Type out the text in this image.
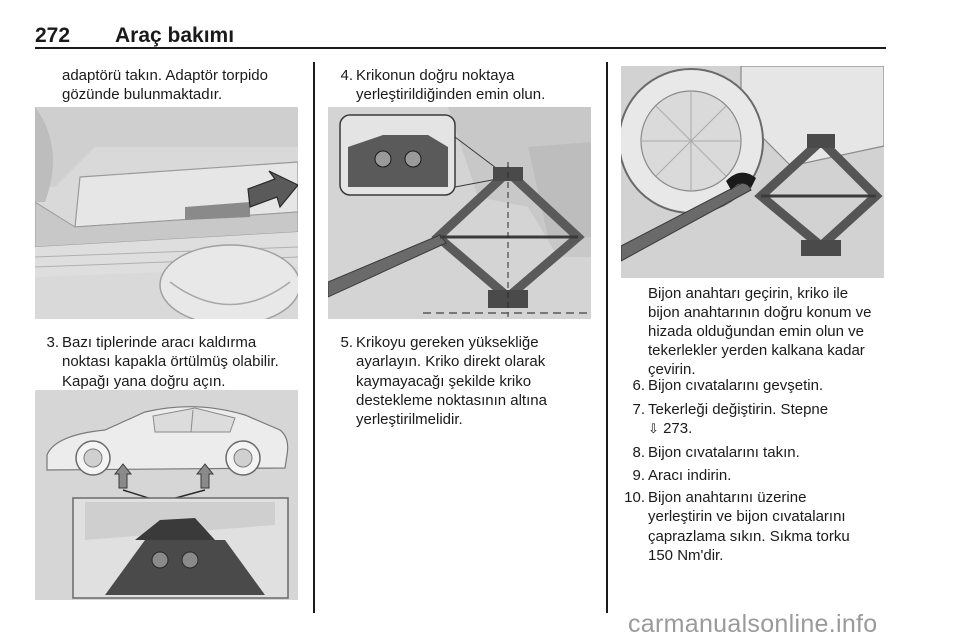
272 Araç bakımı
adaptörü takın. Adaptör torpido
gözünde bulunmaktadır.
3. Bazı tiplerinde aracı kaldırma
noktası kapakla örtülmüş olabilir.
Kapağı yana doğru açın.
4. Krikonun doğru noktaya
yerleştirildiğinden emin olun.
5. Krikoyu gereken yüksekliğe
ayarlayın. Kriko direkt olarak
kaymayacağı şekilde kriko
destekleme noktasının altına
yerleştirilmelidir.
Bijon anahtarı geçirin, kriko ile
bijon anahtarının doğru konum ve
hizada olduğundan emin olun ve
tekerlekler yerden kalkana kadar
çevirin.
6. Bijon cıvatalarını gevşetin.
7. Tekerleği değiştirin. Stepne
⇩ 273.
8. Bijon cıvatalarını takın.
9. Aracı indirin.
10. Bijon anahtarını üzerine
yerleştirin ve bijon cıvatalarını
çaprazlama sıkın. Sıkma torku
150 Nm'dir.
carmanualsonline.info
